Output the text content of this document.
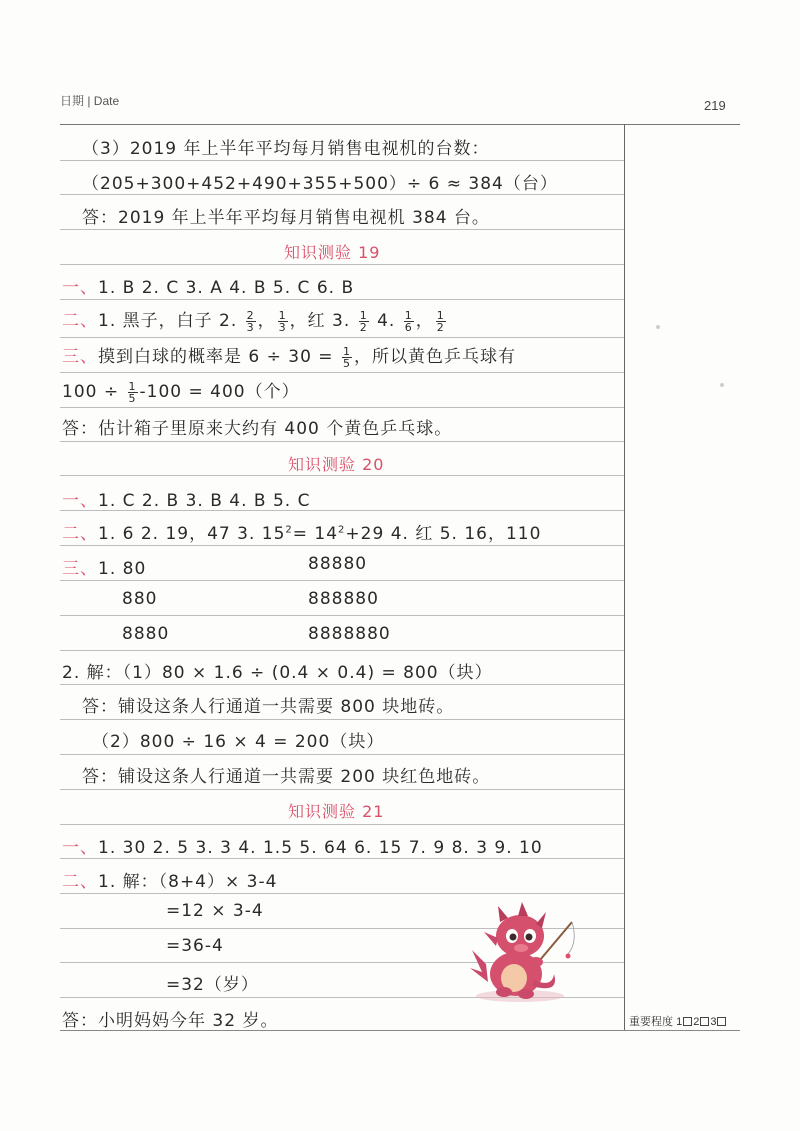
日期 | Date	219
（3）2019 年上半年平均每月销售电视机的台数：
（205+300+452+490+355+500）÷ 6 ≈ 384（台）
答：2019 年上半年平均每月销售电视机 384 台。
知识测验 19
一、1. B 2. C 3. A 4. B 5. C 6. B
二、1. 黑子，白子 2. $\frac{2}{3}$ ， $\frac{1}{3}$ ，红 3. $\frac{1}{2} 4$. $\frac{1}{6}$ ， $\frac{1}{2}$
三、摸到白球的概率是 $6 \div 30 = \frac{1}{5}$ ，所以黄色乒乓球有
$100 \div \frac{1}{5} -100 = 400$（个）
答：估计箱子里原来大约有 400 个黄色乒乓球。
知识测验 20
一、1. C 2. B 3. B 4. B 5. C
二、1. 6 2. 19，47 3. $15^2= 14^2+29$ 4. 红 5. 16，110
三、1. 80	88880
880	888880
8880	8888880
2. 解：（1）80 × 1.6 ÷ (0.4 × 0.4) = 800（块）
答：铺设这条人行通道一共需要 800 块地砖。
（2）800 ÷ 16 × 4 = 200（块）
答：铺设这条人行通道一共需要 200 块红色地砖。
知识测验 21
一、1. 30 2. 5 3. 3 4. 1.5 5. 64 6. 15 7. 9 8. 3 9. 10
二、1. 解：（8+4）× 3-4
=12 × 3-4
=36-4
=32（岁）
答：小明妈妈今年 32 岁。	重要程度 1 2 3
